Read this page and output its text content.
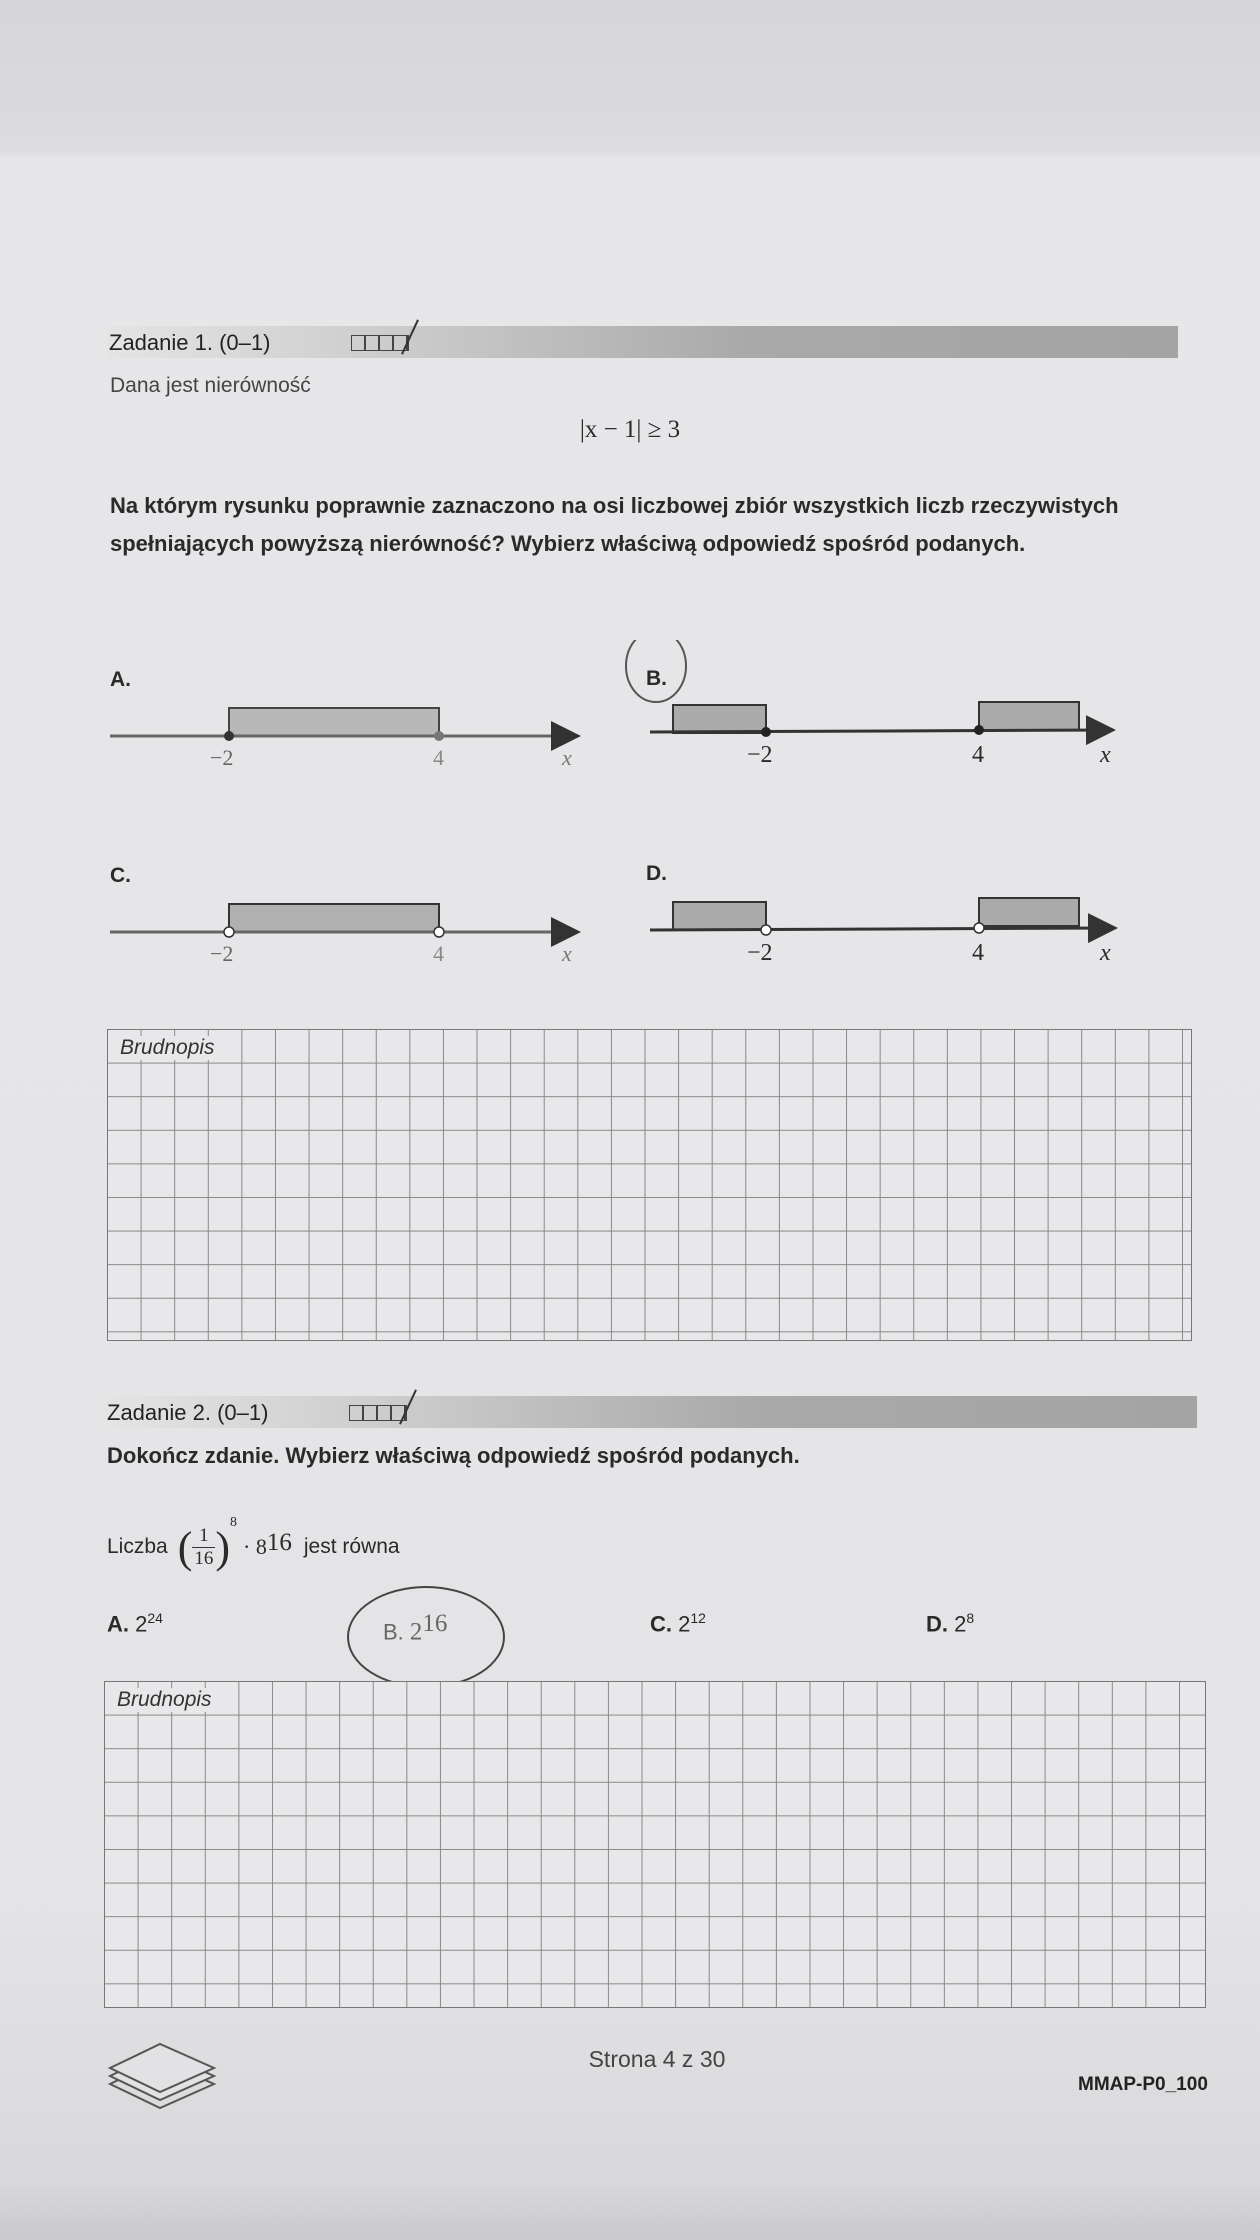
Zadanie 1. (0–1)
Dana jest nierówność
|x − 1| ≥ 3
Na którym rysunku poprawnie zaznaczono na osi liczbowej zbiór wszystkich liczb rzeczywistych spełniających powyższą nierówność? Wybierz właściwą odpowiedź spośród podanych.
A.
−2	4	x
B.
−2	4	x
C.
−2	4	x
D.
−2	4	x
Brudnopis
Zadanie 2. (0–1)
Dokończ zdanie. Wybierz właściwą odpowiedź spośród podanych.
Liczba ( $\frac{1}{16}$ ) 8
· 8 16 jest równa
A. $2^{24}$
B. $2^{16}$	C. $2^{12}$	D. $2^8$
Brudnopis
Strona 4 z 30
MMAP-P0_100
